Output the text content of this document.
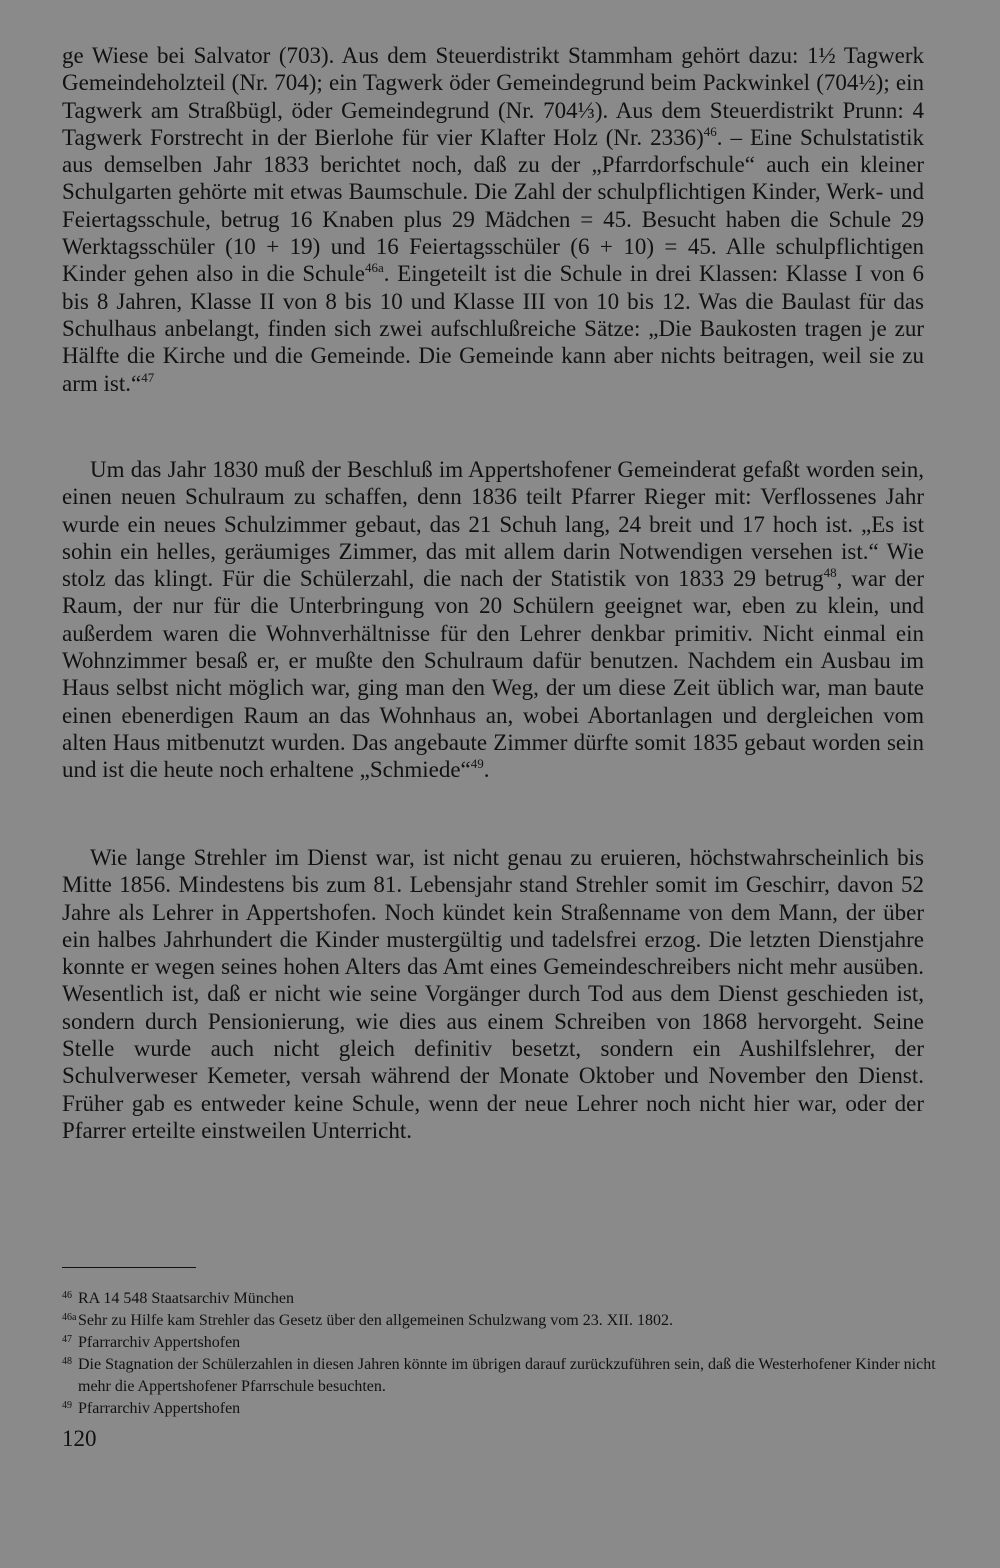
ge Wiese bei Salvator (703). Aus dem Steuerdistrikt Stammham gehört dazu: 1½ Tagwerk Gemeindeholzteil (Nr. 704); ein Tagwerk öder Gemeindegrund beim Packwinkel (704½); ein Tagwerk am Straßbügl, öder Gemeindegrund (Nr. 704⅓). Aus dem Steuerdistrikt Prunn: 4 Tagwerk Forstrecht in der Bierlohe für vier Klafter Holz (Nr. 2336)$^{46}$. – Eine Schulstatistik aus demselben Jahr 1833 berichtet noch, daß zu der „Pfarrdorfschule“ auch ein kleiner Schulgarten gehörte mit etwas Baumschule. Die Zahl der schulpflichtigen Kinder, Werk- und Feiertagsschule, betrug 16 Knaben plus 29 Mädchen = 45. Besucht haben die Schule 29 Werktagsschüler (10 + 19) und 16 Feiertagsschüler (6 + 10) = 45. Alle schulpflichtigen Kinder gehen also in die Schule$^{46a}$. Eingeteilt ist die Schule in drei Klassen: Klasse I von 6 bis 8 Jahren, Klasse II von 8 bis 10 und Klasse III von 10 bis 12. Was die Baulast für das Schulhaus anbelangt, finden sich zwei aufschlußreiche Sätze: „Die Baukosten tragen je zur Hälfte die Kirche und die Gemeinde. Die Gemeinde kann aber nichts beitragen, weil sie zu arm ist.“$^{47}$

Um das Jahr 1830 muß der Beschluß im Appertshofener Gemeinderat gefaßt worden sein, einen neuen Schulraum zu schaffen, denn 1836 teilt Pfarrer Rieger mit: Verflossenes Jahr wurde ein neues Schulzimmer gebaut, das 21 Schuh lang, 24 breit und 17 hoch ist. „Es ist sohin ein helles, geräumiges Zimmer, das mit allem darin Notwendigen versehen ist.“ Wie stolz das klingt. Für die Schülerzahl, die nach der Statistik von 1833 29 betrug$^{48}$, war der Raum, der nur für die Unterbringung von 20 Schülern geeignet war, eben zu klein, und außerdem waren die Wohnverhältnisse für den Lehrer denkbar primitiv. Nicht einmal ein Wohnzimmer besaß er, er mußte den Schulraum dafür benutzen. Nachdem ein Ausbau im Haus selbst nicht möglich war, ging man den Weg, der um diese Zeit üblich war, man baute einen ebenerdigen Raum an das Wohnhaus an, wobei Abortanlagen und dergleichen vom alten Haus mitbenutzt wurden. Das angebaute Zimmer dürfte somit 1835 gebaut worden sein und ist die heute noch erhaltene „Schmiede“$^{49}$.

Wie lange Strehler im Dienst war, ist nicht genau zu eruieren, höchstwahrscheinlich bis Mitte 1856. Mindestens bis zum 81. Lebensjahr stand Strehler somit im Geschirr, davon 52 Jahre als Lehrer in Appertshofen. Noch kündet kein Straßenname von dem Mann, der über ein halbes Jahrhundert die Kinder mustergültig und tadelsfrei erzog. Die letzten Dienstjahre konnte er wegen seines hohen Alters das Amt eines Gemeindeschreibers nicht mehr ausüben. Wesentlich ist, daß er nicht wie seine Vorgänger durch Tod aus dem Dienst geschieden ist, sondern durch Pensionierung, wie dies aus einem Schreiben von 1868 hervorgeht. Seine Stelle wurde auch nicht gleich definitiv besetzt, sondern ein Aushilfslehrer, der Schulverweser Kemeter, versah während der Monate Oktober und November den Dienst. Früher gab es entweder keine Schule, wenn der neue Lehrer noch nicht hier war, oder der Pfarrer erteilte einstweilen Unterricht.

46 RA 14 548 Staatsarchiv München
46a Sehr zu Hilfe kam Strehler das Gesetz über den allgemeinen Schulzwang vom 23. XII. 1802.
47 Pfarrarchiv Appertshofen
48 Die Stagnation der Schülerzahlen in diesen Jahren könnte im übrigen darauf zurückzuführen sein, daß die Westerhofener Kinder nicht mehr die Appertshofener Pfarrschule besuchten.
49 Pfarrarchiv Appertshofen
120
